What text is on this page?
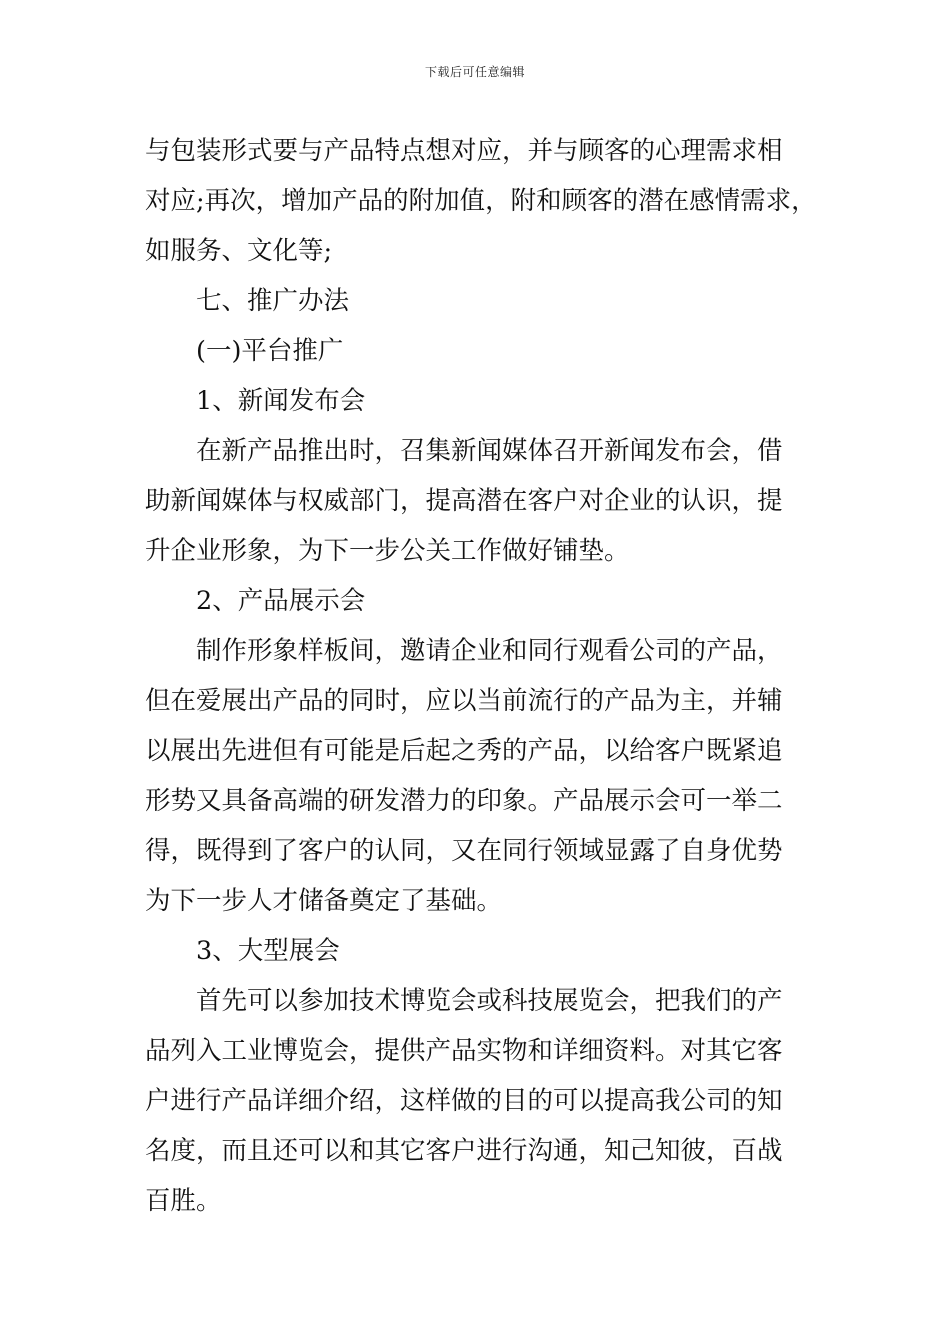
下载后可任意编辑
与包装形式要与产品特点想对应，并与顾客的心理需求相
对应;再次，增加产品的附加值，附和顾客的潜在感情需求，
如服务、文化等;
七、推广办法
(一)平台推广
1、新闻发布会
在新产品推出时，召集新闻媒体召开新闻发布会，借
助新闻媒体与权威部门，提高潜在客户对企业的认识，提
升企业形象，为下一步公关工作做好铺垫。
2、产品展示会
制作形象样板间，邀请企业和同行观看公司的产品，
但在爱展出产品的同时，应以当前流行的产品为主，并辅
以展出先进但有可能是后起之秀的产品，以给客户既紧追
形势又具备高端的研发潜力的印象。产品展示会可一举二
得，既得到了客户的认同，又在同行领域显露了自身优势
为下一步人才储备奠定了基础。
3、大型展会
首先可以参加技术博览会或科技展览会，把我们的产
品列入工业博览会，提供产品实物和详细资料。对其它客
户进行产品详细介绍，这样做的目的可以提高我公司的知
名度，而且还可以和其它客户进行沟通，知己知彼，百战
百胜。
